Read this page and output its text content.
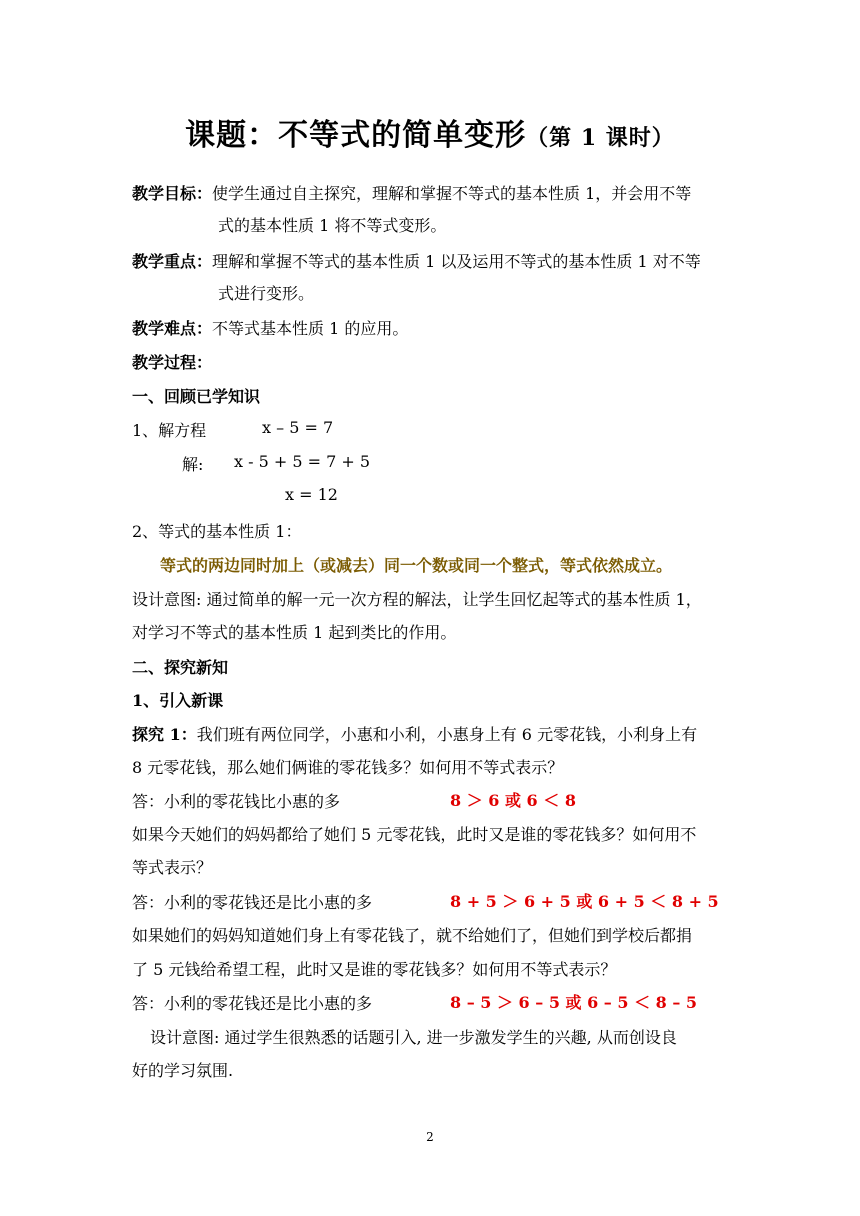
课题：不等式的简单变形（第 1 课时）
教学目标：使学生通过自主探究，理解和掌握不等式的基本性质 1，并会用不等
式的基本性质 1 将不等式变形。
教学重点：理解和掌握不等式的基本性质 1 以及运用不等式的基本性质 1 对不等
式进行变形。
教学难点：不等式基本性质 1 的应用。
教学过程：
一、回顾已学知识
1、解方程	x – 5 = 7
解: x - 5 + 5 = 7 + 5
x = 12
2、等式的基本性质 1：
等式的两边同时加上（或减去）同一个数或同一个整式，等式依然成立。
设计意图: 通过简单的解一元一次方程的解法，让学生回忆起等式的基本性质 1，
对学习不等式的基本性质 1 起到类比的作用。
二、探究新知
1、引入新课
探究 1：我们班有两位同学，小惠和小利，小惠身上有 6 元零花钱，小利身上有
8 元零花钱，那么她们俩谁的零花钱多？如何用不等式表示？
答：小利的零花钱比小惠的多	8 ＞ 6 或 6 ＜ 8
如果今天她们的妈妈都给了她们 5 元零花钱，此时又是谁的零花钱多？如何用不
等式表示？
答：小利的零花钱还是比小惠的多	8 + 5 ＞ 6 + 5 或 6 + 5 ＜ 8 + 5
如果她们的妈妈知道她们身上有零花钱了，就不给她们了，但她们到学校后都捐
了 5 元钱给希望工程，此时又是谁的零花钱多？如何用不等式表示？
答：小利的零花钱还是比小惠的多	8 – 5 ＞ 6 – 5 或 6 – 5 ＜ 8 – 5
设计意图: 通过学生很熟悉的话题引入, 进一步激发学生的兴趣, 从而创设良
好的学习氛围.
2
